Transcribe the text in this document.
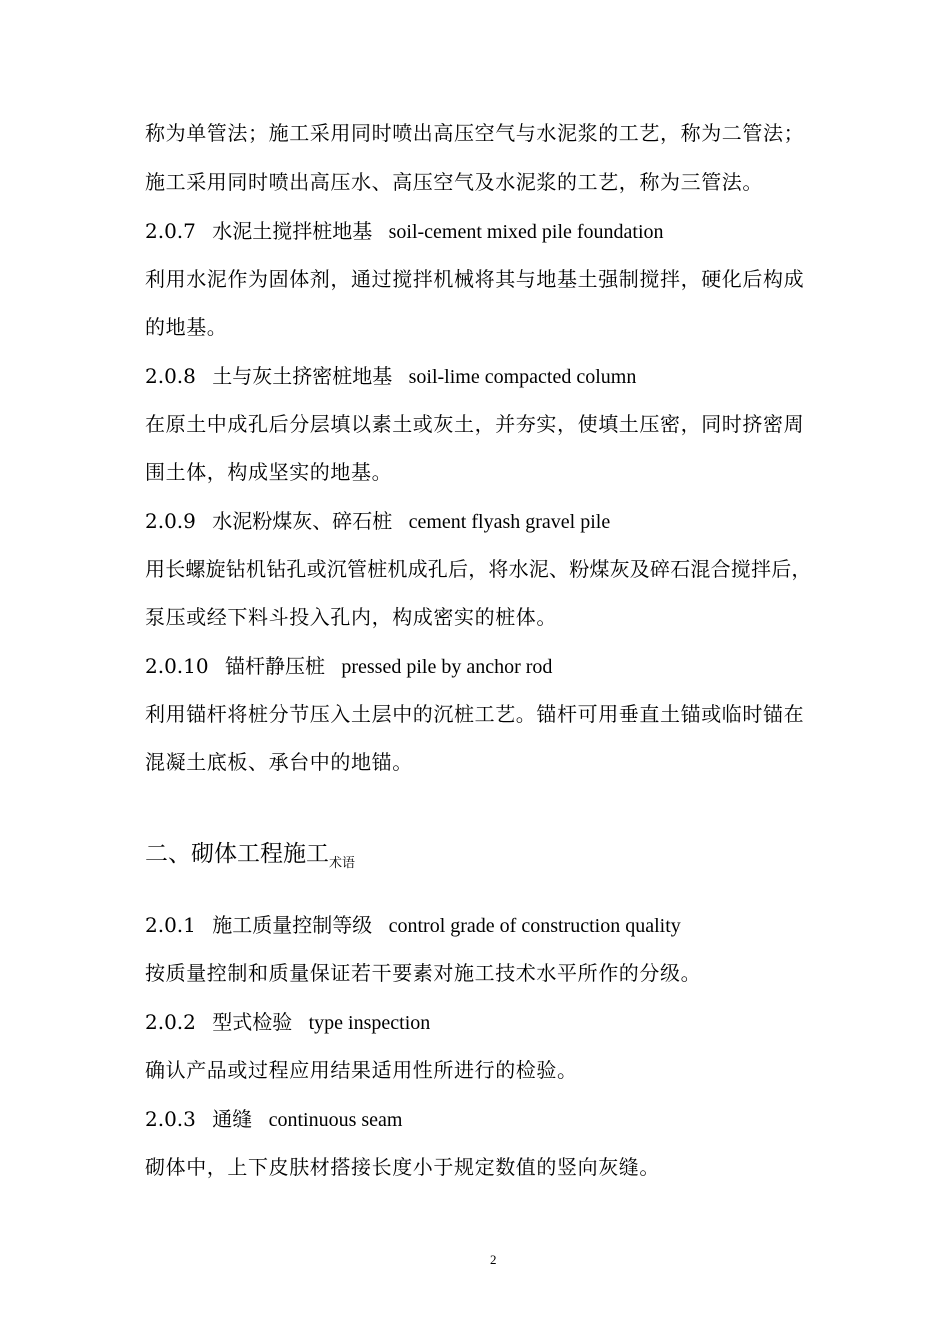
称为单管法；施工采用同时喷出高压空气与水泥浆的工艺，称为二管法；
施工采用同时喷出高压水、高压空气及水泥浆的工艺，称为三管法。
2.0.7 水泥土搅拌桩地基 soil-cement mixed pile foundation
利用水泥作为固体剂，通过搅拌机械将其与地基土强制搅拌，硬化后构成
的地基。
2.0.8 土与灰土挤密桩地基 soil-lime compacted column
在原土中成孔后分层填以素土或灰土，并夯实，使填土压密，同时挤密周
围土体，构成坚实的地基。
2.0.9 水泥粉煤灰、碎石桩 cement flyash gravel pile
用长螺旋钻机钻孔或沉管桩机成孔后，将水泥、粉煤灰及碎石混合搅拌后，
泵压或经下料斗投入孔内，构成密实的桩体。
2.0.10 锚杆静压桩 pressed pile by anchor rod
利用锚杆将桩分节压入土层中的沉桩工艺。锚杆可用垂直土锚或临时锚在
混凝土底板、承台中的地锚。
二、砌体工程施工$_{术语}$
2.0.1 施工质量控制等级 control grade of construction quality
按质量控制和质量保证若干要素对施工技术水平所作的分级。
2.0.2 型式检验 type inspection
确认产品或过程应用结果适用性所进行的检验。
2.0.3 通缝 continuous seam
砌体中，上下皮肤材搭接长度小于规定数值的竖向灰缝。
2
